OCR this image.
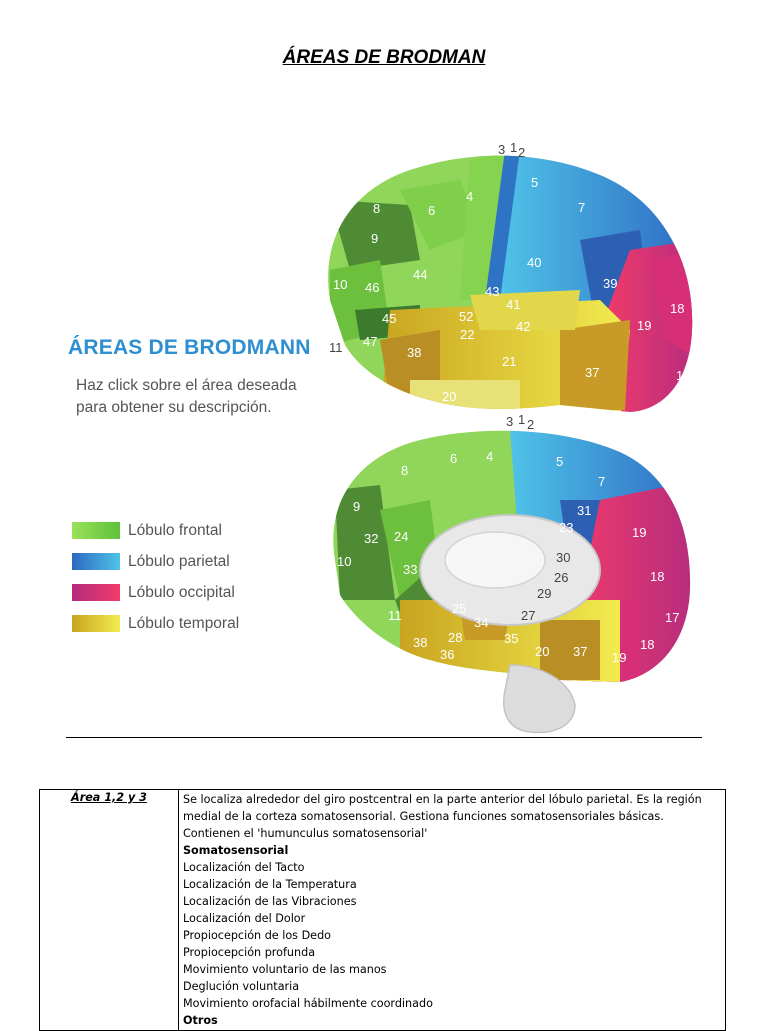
ÁREAS DE BRODMAN
3 1 2
4
5
6	7
8
9
10
11
18
17
19
20
21
22
37
38
39
40
41
42
43
44
45
46
47
52
3 1 2
4	5
6
7
8
9
10
11	17
18
18
19
19
20
23
24
25
26
27
29
30
31
32
33
34
35
36	37
38 28
ÁREAS DE BRODMANN
Haz click sobre el área deseada
para obtener su descripción.
Lóbulo frontal
Lóbulo parietal
Lóbulo occipital
Lóbulo temporal
Área 1,2 y 3	Se localiza alrededor del giro postcentral en la parte anterior del lóbulo parietal. Es la región
medial de la corteza somatosensorial. Gestiona funciones somatosensoriales básicas.
Contienen el 'humunculus somatosensorial'
Somatosensorial
Localización del Tacto
Localización de la Temperatura
Localización de las Vibraciones
Localización del Dolor
Propiocepción de los Dedo
Propiocepción profunda
Movimiento voluntario de las manos
Deglución voluntaria
Movimiento orofacial hábilmente coordinado
Otros
